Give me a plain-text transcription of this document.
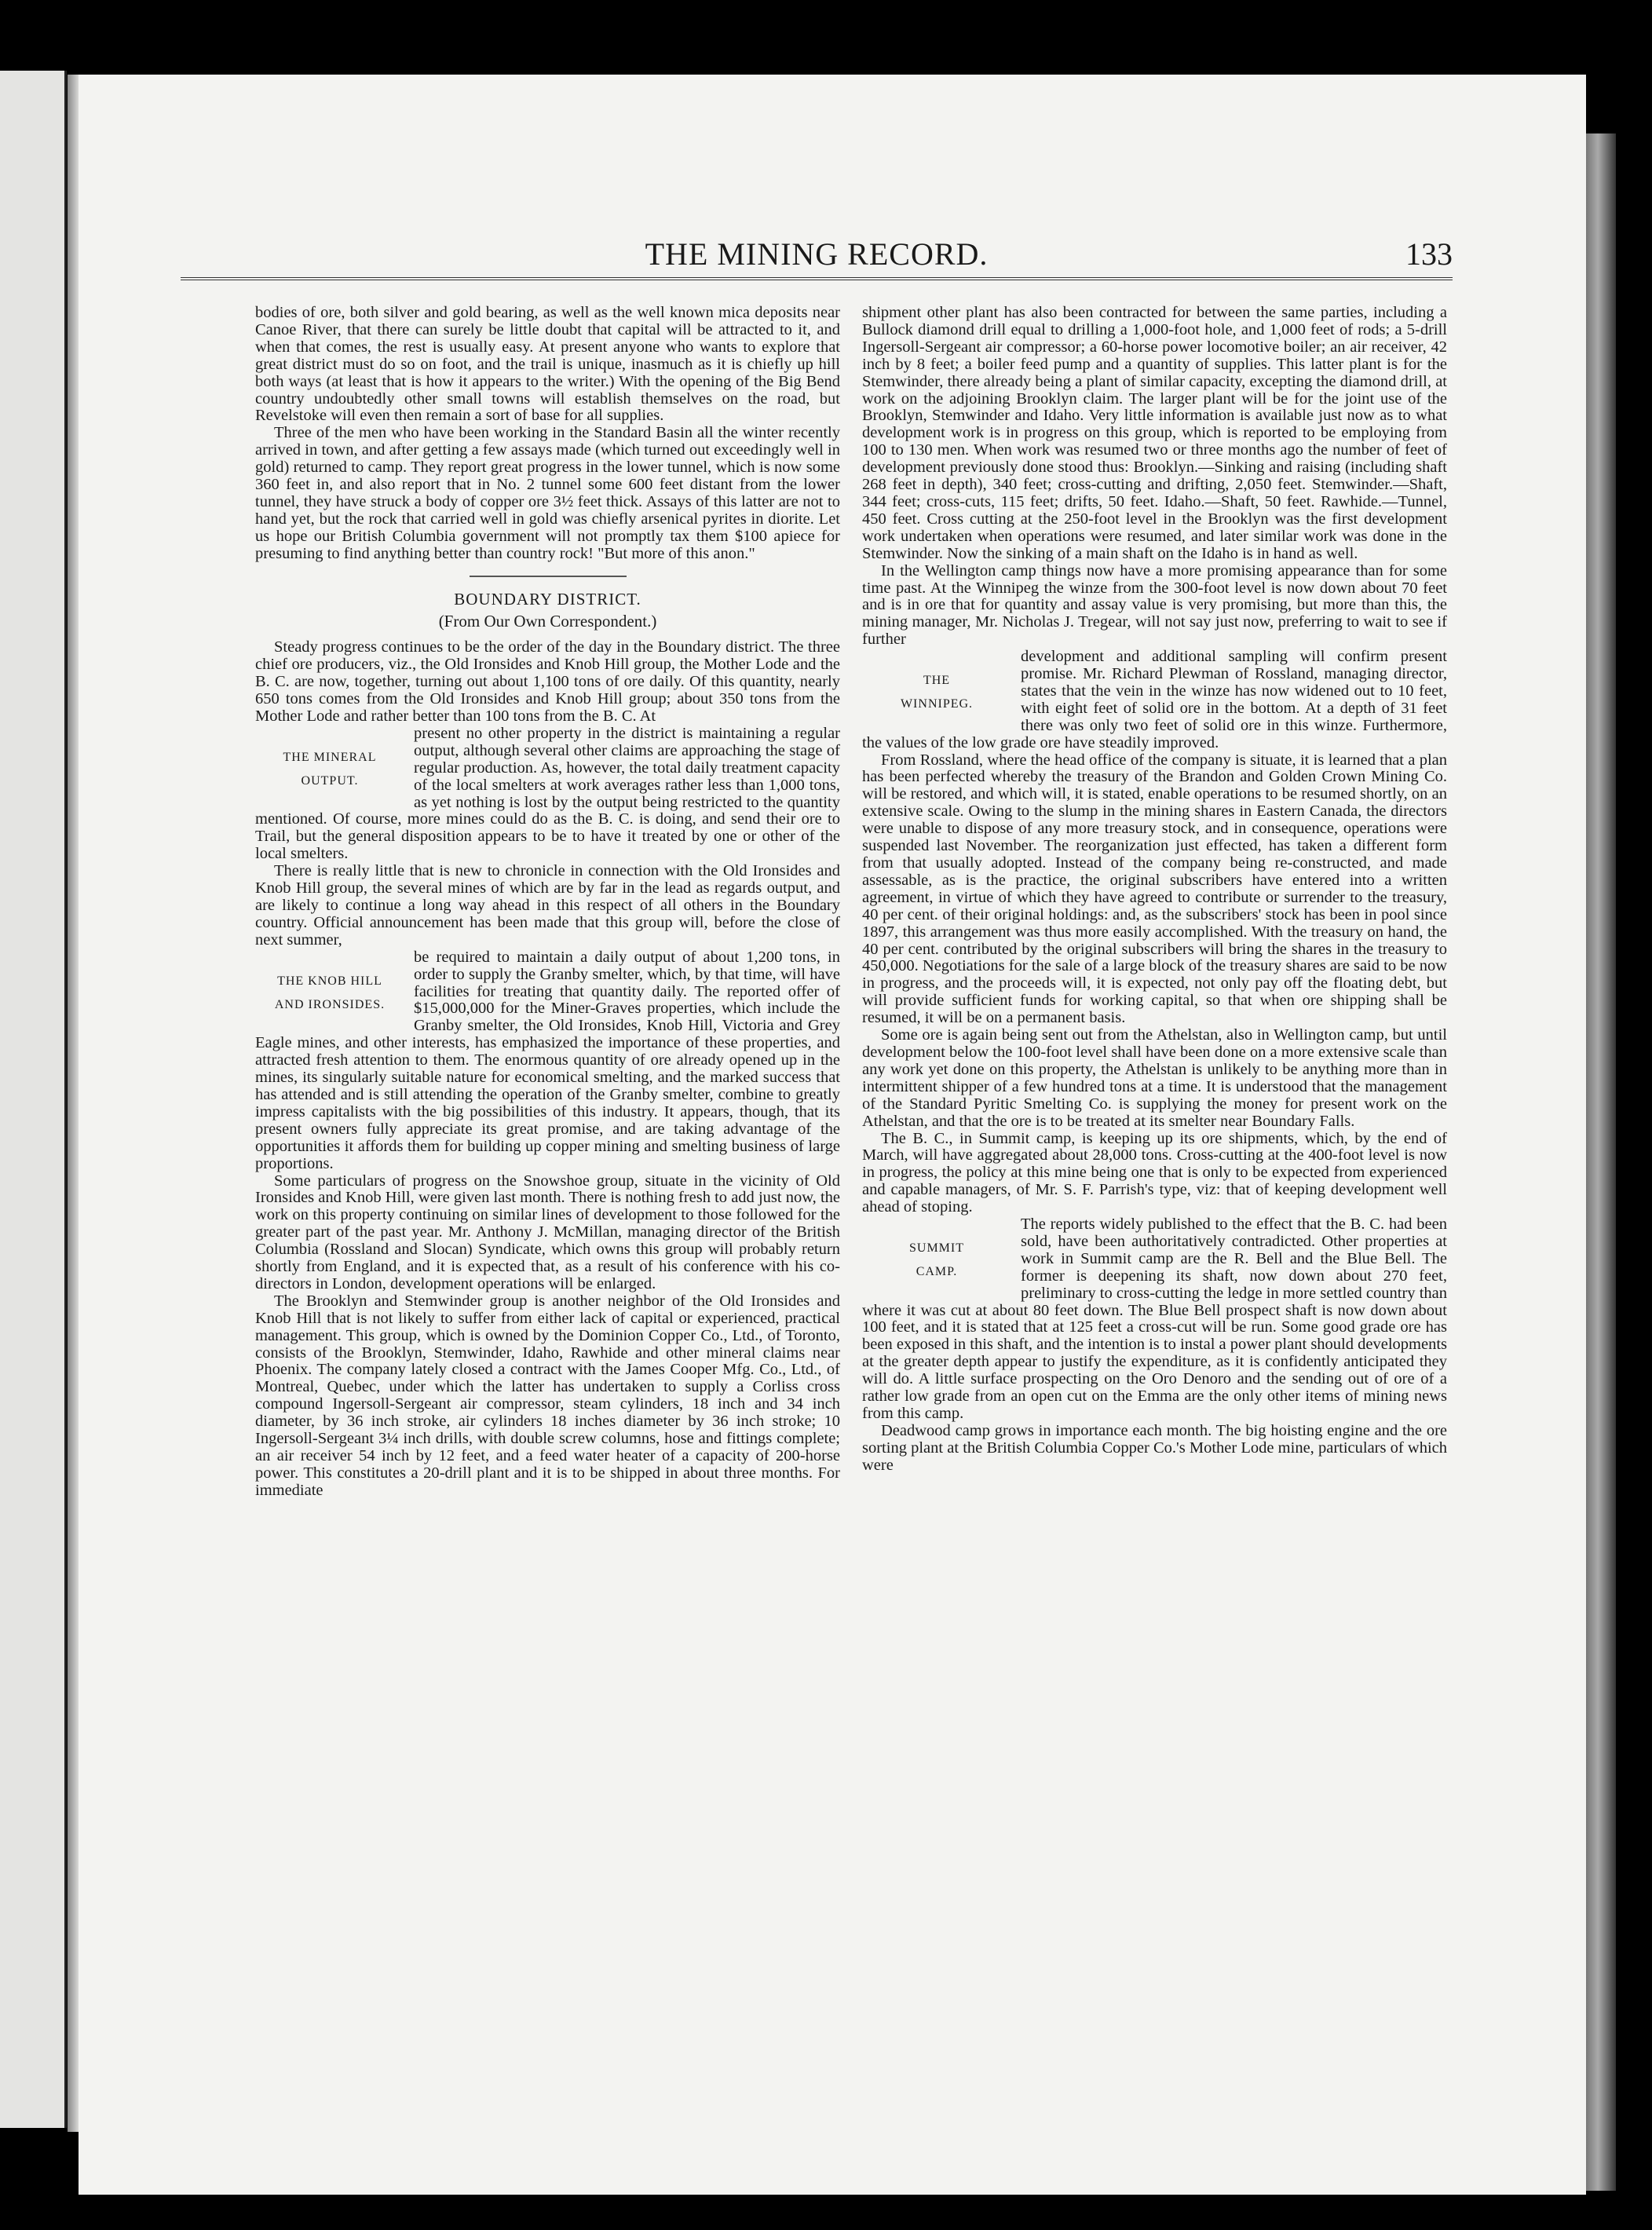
THE MINING RECORD.	133

bodies of ore, both silver and gold bearing, as well as the well known mica deposits near Canoe River, that there can surely be little doubt that capital will be attracted to it, and when that comes, the rest is usually easy. At present anyone who wants to explore that great district must do so on foot, and the trail is unique, inasmuch as it is chiefly up hill both ways (at least that is how it appears to the writer.) With the opening of the Big Bend country undoubtedly other small towns will establish themselves on the road, but Revelstoke will even then remain a sort of base for all supplies.

Three of the men who have been working in the Standard Basin all the winter recently arrived in town, and after getting a few assays made (which turned out exceedingly well in gold) returned to camp. They report great progress in the lower tunnel, which is now some 360 feet in, and also report that in No. 2 tunnel some 600 feet distant from the lower tunnel, they have struck a body of copper ore 3½ feet thick. Assays of this latter are not to hand yet, but the rock that carried well in gold was chiefly arsenical pyrites in diorite. Let us hope our British Columbia government will not promptly tax them $100 apiece for presuming to find anything better than country rock! "But more of this anon."

BOUNDARY DISTRICT.
(From Our Own Correspondent.)

Steady progress continues to be the order of the day in the Boundary district. The three chief ore producers, viz., the Old Ironsides and Knob Hill group, the Mother Lode and the B. C. are now, together, turning out about 1,100 tons of ore daily. Of this quantity, nearly 650 tons comes from the Old Ironsides and Knob Hill group; about 350 tons from the Mother Lode and rather better than 100 tons from the B. C. At

THE MINERAL
OUTPUT.

present no other property in the district is maintaining a regular output, although several other claims are approaching the stage of regular production. As, however, the total daily treatment capacity of the local smelters at work averages rather less than 1,000 tons, as yet nothing is lost by the output being restricted to the quantity mentioned. Of course, more mines could do as the B. C. is doing, and send their ore to Trail, but the general disposition appears to be to have it treated by one or other of the local smelters.

There is really little that is new to chronicle in connection with the Old Ironsides and Knob Hill group, the several mines of which are by far in the lead as regards output, and are likely to continue a long way ahead in this respect of all others in the Boundary country. Official announcement has been made that this group will, before the close of next summer,

THE KNOB HILL
AND IRONSIDES.

be required to maintain a daily output of about 1,200 tons, in order to supply the Granby smelter, which, by that time, will have facilities for treating that quantity daily. The reported offer of $15,000,000 for the Miner-Graves properties, which include the Granby smelter, the Old Ironsides, Knob Hill, Victoria and Grey Eagle mines, and other interests, has emphasized the importance of these properties, and attracted fresh attention to them. The enormous quantity of ore already opened up in the mines, its singularly suitable nature for economical smelting, and the marked success that has attended and is still attending the operation of the Granby smelter, combine to greatly impress capitalists with the big possibilities of this industry. It appears, though, that its present owners fully appreciate its great promise, and are taking advantage of the opportunities it affords them for building up copper mining and smelting business of large proportions.

Some particulars of progress on the Snowshoe group, situate in the vicinity of Old Ironsides and Knob Hill, were given last month. There is nothing fresh to add just now, the work on this property continuing on similar lines of development to those followed for the greater part of the past year. Mr. Anthony J. McMillan, managing director of the British Columbia (Rossland and Slocan) Syndicate, which owns this group will probably return shortly from England, and it is expected that, as a result of his conference with his co-directors in London, development operations will be enlarged.

The Brooklyn and Stemwinder group is another neighbor of the Old Ironsides and Knob Hill that is not likely to suffer from either lack of capital or experienced, practical management. This group, which is owned by the Dominion Copper Co., Ltd., of Toronto, consists of the Brooklyn, Stemwinder, Idaho, Rawhide and other mineral claims near Phoenix. The company lately closed a contract with the James Cooper Mfg. Co., Ltd., of Montreal, Quebec, under which the latter has undertaken to supply a Corliss cross compound Ingersoll-Sergeant air compressor, steam cylinders, 18 inch and 34 inch diameter, by 36 inch stroke, air cylinders 18 inches diameter by 36 inch stroke; 10 Ingersoll-Sergeant 3¼ inch drills, with double screw columns, hose and fittings complete; an air receiver 54 inch by 12 feet, and a feed water heater of a capacity of 200-horse power. This constitutes a 20-drill plant and it is to be shipped in about three months. For immediate

shipment other plant has also been contracted for between the same parties, including a Bullock diamond drill equal to drilling a 1,000-foot hole, and 1,000 feet of rods; a 5-drill Ingersoll-Sergeant air compressor; a 60-horse power locomotive boiler; an air receiver, 42 inch by 8 feet; a boiler feed pump and a quantity of supplies. This latter plant is for the Stemwinder, there already being a plant of similar capacity, excepting the diamond drill, at work on the adjoining Brooklyn claim. The larger plant will be for the joint use of the Brooklyn, Stemwinder and Idaho. Very little information is available just now as to what development work is in progress on this group, which is reported to be employing from 100 to 130 men. When work was resumed two or three months ago the number of feet of development previously done stood thus: Brooklyn.—Sinking and raising (including shaft 268 feet in depth), 340 feet; cross-cutting and drifting, 2,050 feet. Stemwinder.—Shaft, 344 feet; cross-cuts, 115 feet; drifts, 50 feet. Idaho.—Shaft, 50 feet. Rawhide.—Tunnel, 450 feet. Cross cutting at the 250-foot level in the Brooklyn was the first development work undertaken when operations were resumed, and later similar work was done in the Stemwinder. Now the sinking of a main shaft on the Idaho is in hand as well.

In the Wellington camp things now have a more promising appearance than for some time past. At the Winnipeg the winze from the 300-foot level is now down about 70 feet and is in ore that for quantity and assay value is very promising, but more than this, the mining manager, Mr. Nicholas J. Tregear, will not say just now, preferring to wait to see if further

THE
WINNIPEG.

development and additional sampling will confirm present promise. Mr. Richard Plewman of Rossland, managing director, states that the vein in the winze has now widened out to 10 feet, with eight feet of solid ore in the bottom. At a depth of 31 feet there was only two feet of solid ore in this winze. Furthermore, the values of the low grade ore have steadily improved.

From Rossland, where the head office of the company is situate, it is learned that a plan has been perfected whereby the treasury of the Brandon and Golden Crown Mining Co. will be restored, and which will, it is stated, enable operations to be resumed shortly, on an extensive scale. Owing to the slump in the mining shares in Eastern Canada, the directors were unable to dispose of any more treasury stock, and in consequence, operations were suspended last November. The reorganization just effected, has taken a different form from that usually adopted. Instead of the company being re-constructed, and made assessable, as is the practice, the original subscribers have entered into a written agreement, in virtue of which they have agreed to contribute or surrender to the treasury, 40 per cent. of their original holdings: and, as the subscribers' stock has been in pool since 1897, this arrangement was thus more easily accomplished. With the treasury on hand, the 40 per cent. contributed by the original subscribers will bring the shares in the treasury to 450,000. Negotiations for the sale of a large block of the treasury shares are said to be now in progress, and the proceeds will, it is expected, not only pay off the floating debt, but will provide sufficient funds for working capital, so that when ore shipping shall be resumed, it will be on a permanent basis.

Some ore is again being sent out from the Athelstan, also in Wellington camp, but until development below the 100-foot level shall have been done on a more extensive scale than any work yet done on this property, the Athelstan is unlikely to be anything more than in intermittent shipper of a few hundred tons at a time. It is understood that the management of the Standard Pyritic Smelting Co. is supplying the money for present work on the Athelstan, and that the ore is to be treated at its smelter near Boundary Falls.

The B. C., in Summit camp, is keeping up its ore shipments, which, by the end of March, will have aggregated about 28,000 tons. Cross-cutting at the 400-foot level is now in progress, the policy at this mine being one that is only to be expected from experienced and capable managers, of Mr. S. F. Parrish's type, viz: that of keeping development well ahead of stoping.

SUMMIT
CAMP.

The reports widely published to the effect that the B. C. had been sold, have been authoritatively contradicted. Other properties at work in Summit camp are the R. Bell and the Blue Bell. The former is deepening its shaft, now down about 270 feet, preliminary to cross-cutting the ledge in more settled country than where it was cut at about 80 feet down. The Blue Bell prospect shaft is now down about 100 feet, and it is stated that at 125 feet a cross-cut will be run. Some good grade ore has been exposed in this shaft, and the intention is to instal a power plant should developments at the greater depth appear to justify the expenditure, as it is confidently anticipated they will do. A little surface prospecting on the Oro Denoro and the sending out of ore of a rather low grade from an open cut on the Emma are the only other items of mining news from this camp.

Deadwood camp grows in importance each month. The big hoisting engine and the ore sorting plant at the British Columbia Copper Co.'s Mother Lode mine, particulars of which were
